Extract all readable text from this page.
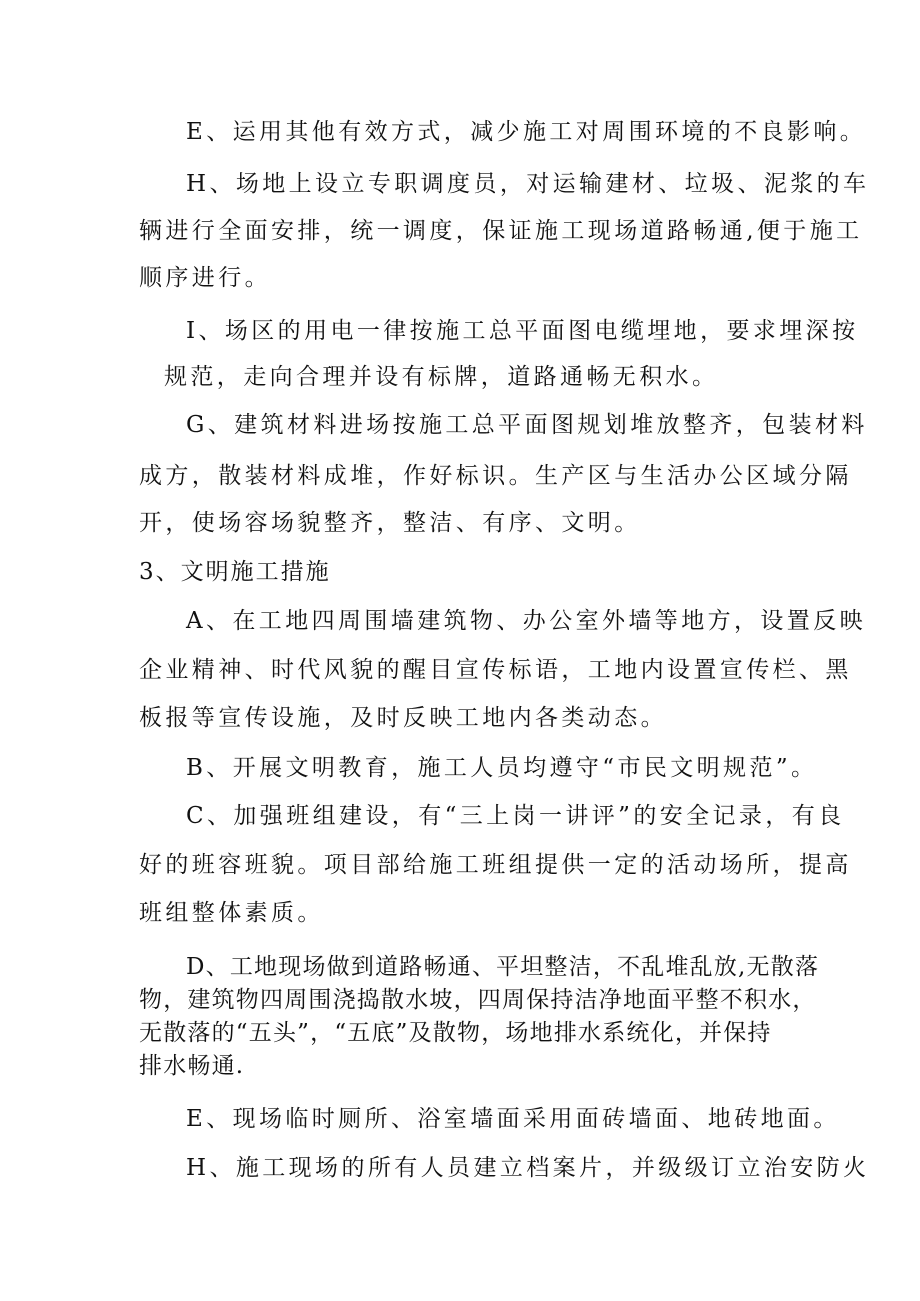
E、运用其他有效方式，减少施工对周围环境的不良影响。
H、场地上设立专职调度员，对运输建材、垃圾、泥浆的车
辆进行全面安排，统一调度，保证施工现场道路畅通,便于施工
顺序进行。
Ⅰ、场区的用电一律按施工总平面图电缆埋地，要求埋深按
规范，走向合理并设有标牌，道路通畅无积水。
G、建筑材料进场按施工总平面图规划堆放整齐，包装材料
成方，散装材料成堆，作好标识。生产区与生活办公区域分隔
开，使场容场貌整齐，整洁、有序、文明。
3、文明施工措施
A、在工地四周围墙建筑物、办公室外墙等地方，设置反映
企业精神、时代风貌的醒目宣传标语，工地内设置宣传栏、黑
板报等宣传设施，及时反映工地内各类动态。
B、开展文明教育，施工人员均遵守“市民文明规范”。
C、加强班组建设，有“三上岗一讲评”的安全记录，有良
好的班容班貌。项目部给施工班组提供一定的活动场所，提高
班组整体素质。
D、工地现场做到道路畅通、平坦整洁，不乱堆乱放,无散落
物，建筑物四周围浇捣散水坡，四周保持洁净地面平整不积水，
无散落的“五头”，“五底”及散物，场地排水系统化，并保持
排水畅通.
E、现场临时厕所、浴室墙面采用面砖墙面、地砖地面。
H、施工现场的所有人员建立档案片，并级级订立治安防火
